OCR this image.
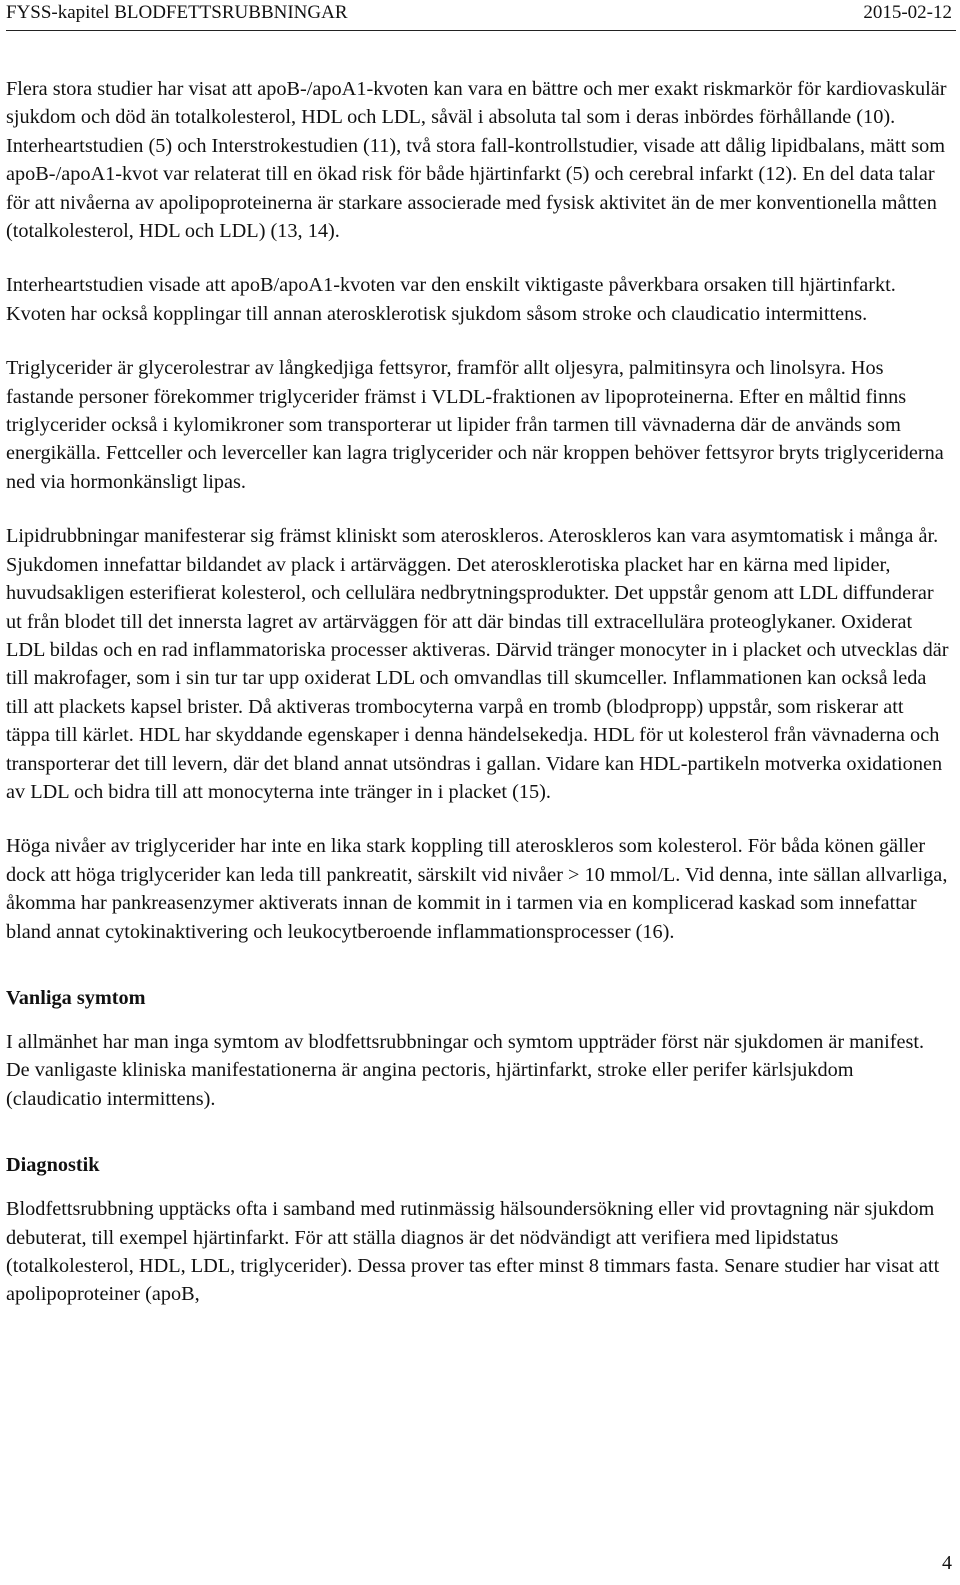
FYSS-kapitel BLODFETTSRUBBNINGAR	2015-02-12

Flera stora studier har visat att apoB-/apoA1-kvoten kan vara en bättre och mer exakt riskmarkör för kardiovaskulär sjukdom och död än totalkolesterol, HDL och LDL, såväl i absoluta tal som i deras inbördes förhållande (10). Interheartstudien (5) och Interstrokestudien (11), två stora fall-kontrollstudier, visade att dålig lipidbalans, mätt som apoB-/apoA1-kvot var relaterat till en ökad risk för både hjärtinfarkt (5) och cerebral infarkt (12). En del data talar för att nivåerna av apolipoproteinerna är starkare associerade med fysisk aktivitet än de mer konventionella måtten (totalkolesterol, HDL och LDL) (13, 14).

Interheartstudien visade att apoB/apoA1-kvoten var den enskilt viktigaste påverkbara orsaken till hjärtinfarkt. Kvoten har också kopplingar till annan aterosklerotisk sjukdom såsom stroke och claudicatio intermittens.

Triglycerider är glycerolestrar av långkedjiga fettsyror, framför allt oljesyra, palmitinsyra och linolsyra. Hos fastande personer förekommer triglycerider främst i VLDL-fraktionen av lipoproteinerna. Efter en måltid finns triglycerider också i kylomikroner som transporterar ut lipider från tarmen till vävnaderna där de används som energikälla. Fettceller och leverceller kan lagra triglycerider och när kroppen behöver fettsyror bryts triglyceriderna ned via hormonkänsligt lipas.

Lipidrubbningar manifesterar sig främst kliniskt som ateroskleros. Ateroskleros kan vara asymtomatisk i många år. Sjukdomen innefattar bildandet av plack i artärväggen. Det aterosklerotiska placket har en kärna med lipider, huvudsakligen esterifierat kolesterol, och cellulära nedbrytningsprodukter. Det uppstår genom att LDL diffunderar ut från blodet till det innersta lagret av artärväggen för att där bindas till extracellulära proteoglykaner. Oxiderat LDL bildas och en rad inflammatoriska processer aktiveras. Därvid tränger monocyter in i placket och utvecklas där till makrofager, som i sin tur tar upp oxiderat LDL och omvandlas till skumceller. Inflammationen kan också leda till att plackets kapsel brister. Då aktiveras trombocyterna varpå en tromb (blodpropp) uppstår, som riskerar att täppa till kärlet. HDL har skyddande egenskaper i denna händelsekedja. HDL för ut kolesterol från vävnaderna och transporterar det till levern, där det bland annat utsöndras i gallan. Vidare kan HDL-partikeln motverka oxidationen av LDL och bidra till att monocyterna inte tränger in i placket (15).

Höga nivåer av triglycerider har inte en lika stark koppling till ateroskleros som kolesterol. För båda könen gäller dock att höga triglycerider kan leda till pankreatit, särskilt vid nivåer > 10 mmol/L. Vid denna, inte sällan allvarliga, åkomma har pankreasenzymer aktiverats innan de kommit in i tarmen via en komplicerad kaskad som innefattar bland annat cytokinaktivering och leukocytberoende inflammationsprocesser (16).

Vanliga symtom

I allmänhet har man inga symtom av blodfettsrubbningar och symtom uppträder först när sjukdomen är manifest. De vanligaste kliniska manifestationerna är angina pectoris, hjärtinfarkt, stroke eller perifer kärlsjukdom (claudicatio intermittens).

Diagnostik

Blodfettsrubbning upptäcks ofta i samband med rutinmässig hälsoundersökning eller vid provtagning när sjukdom debuterat, till exempel hjärtinfarkt. För att ställa diagnos är det nödvändigt att verifiera med lipidstatus (totalkolesterol, HDL, LDL, triglycerider). Dessa prover tas efter minst 8 timmars fasta. Senare studier har visat att apolipoproteiner (apoB,

4
